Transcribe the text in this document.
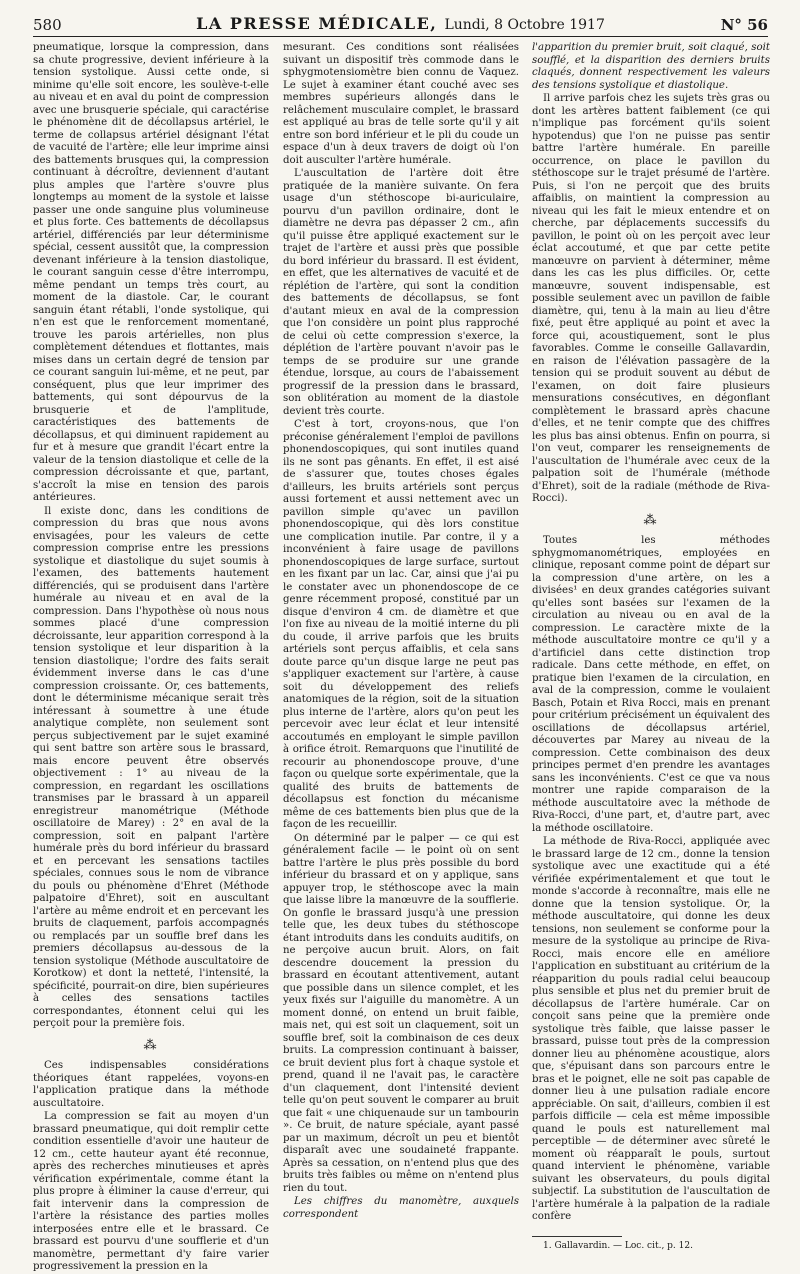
580	LA PRESSE MÉDICALE, Lundi, 8 Octobre 1917	N° 56

pneumatique, lorsque la compression, dans sa chute progressive, devient inférieure à la tension systolique. Aussi cette onde, si minime qu'elle soit encore, les soulève-t-elle au niveau et en aval du point de compression avec une brusquerie spéciale, qui caractérise le phénomène dit de décollapsus artériel, le terme de collapsus artériel désignant l'état de vacuité de l'artère; elle leur imprime ainsi des battements brusques qui, la compression continuant à décroître, deviennent d'autant plus amples que l'artère s'ouvre plus longtemps au moment de la systole et laisse passer une onde sanguine plus volumineuse et plus forte. Ces battements de décollapsus artériel, différenciés par leur déterminisme spécial, cessent aussitôt que, la compression devenant inférieure à la tension diastolique, le courant sanguin cesse d'être interrompu, même pendant un temps très court, au moment de la diastole. Car, le courant sanguin étant rétabli, l'onde systolique, qui n'en est que le renforcement momentané, trouve les parois artérielles, non plus complètement détendues et flottantes, mais mises dans un certain degré de tension par ce courant sanguin lui-même, et ne peut, par conséquent, plus que leur imprimer des battements, qui sont dépourvus de la brusquerie et de l'amplitude, caractéristiques des battements de décollapsus, et qui diminuent rapidement au fur et à mesure que grandit l'écart entre la valeur de la tension diastolique et celle de la compression décroissante et que, partant, s'accroît la mise en tension des parois antérieures.

Il existe donc, dans les conditions de compression du bras que nous avons envisagées, pour les valeurs de cette compression comprise entre les pressions systolique et diastolique du sujet soumis à l'examen, des battements hautement différenciés, qui se produisent dans l'artère humérale au niveau et en aval de la compression. Dans l'hypothèse où nous nous sommes placé d'une compression décroissante, leur apparition correspond à la tension systolique et leur disparition à la tension diastolique; l'ordre des faits serait évidemment inverse dans le cas d'une compression croissante. Or, ces battements, dont le déterminisme mécanique serait très intéressant à soumettre à une étude analytique complète, non seulement sont perçus subjectivement par le sujet examiné qui sent battre son artère sous le brassard, mais encore peuvent être observés objectivement : 1° au niveau de la compression, en regardant les oscillations transmises par le brassard à un appareil enregistreur manométrique (Méthode oscillatoire de Marey) : 2° en aval de la compression, soit en palpant l'artère humérale près du bord inférieur du brassard et en percevant les sensations tactiles spéciales, connues sous le nom de vibrance du pouls ou phénomène d'Ehret (Méthode palpatoire d'Ehret), soit en auscultant l'artère au même endroit et en percevant les bruits de claquement, parfois accompagnés ou remplacés par un souffle bref dans les premiers décollapsus au-dessous de la tension systolique (Méthode auscultatoire de Korotkow) et dont la netteté, l'intensité, la spécificité, pourrait-on dire, bien supérieures à celles des sensations tactiles correspondantes, étonnent celui qui les perçoit pour la première fois.

⁂

Ces indispensables considérations théoriques étant rappelées, voyons-en l'application pratique dans la méthode auscultatoire.

La compression se fait au moyen d'un brassard pneumatique, qui doit remplir cette condition essentielle d'avoir une hauteur de 12 cm., cette hauteur ayant été reconnue, après des recherches minutieuses et après vérification expérimentale, comme étant la plus propre à éliminer la cause d'erreur, qui fait intervenir dans la compression de l'artère la résistance des parties molles interposées entre elle et le brassard. Ce brassard est pourvu d'une soufflerie et d'un manomètre, permettant d'y faire varier progressivement la pression en la

mesurant. Ces conditions sont réalisées suivant un dispositif très commode dans le sphygmotensiomètre bien connu de Vaquez. Le sujet à examiner étant couché avec ses membres supérieurs allongés dans le relâchement musculaire complet, le brassard est appliqué au bras de telle sorte qu'il y ait entre son bord inférieur et le pli du coude un espace d'un à deux travers de doigt où l'on doit ausculter l'artère humérale.

L'auscultation de l'artère doit être pratiquée de la manière suivante. On fera usage d'un stéthoscope bi-auriculaire, pourvu d'un pavillon ordinaire, dont le diamètre ne devra pas dépasser 2 cm., afin qu'il puisse être appliqué exactement sur le trajet de l'artère et aussi près que possible du bord inférieur du brassard. Il est évident, en effet, que les alternatives de vacuité et de réplétion de l'artère, qui sont la condition des battements de décollapsus, se font d'autant mieux en aval de la compression que l'on considère un point plus rapproché de celui où cette compression s'exerce, la déplétion de l'artère pouvant n'avoir pas le temps de se produire sur une grande étendue, lorsque, au cours de l'abaissement progressif de la pression dans le brassard, son oblitération au moment de la diastole devient très courte.

C'est à tort, croyons-nous, que l'on préconise généralement l'emploi de pavillons phonendoscopiques, qui sont inutiles quand ils ne sont pas gênants. En effet, il est aisé de s'assurer que, toutes choses égales d'ailleurs, les bruits artériels sont perçus aussi fortement et aussi nettement avec un pavillon simple qu'avec un pavillon phonendoscopique, qui dès lors constitue une complication inutile. Par contre, il y a inconvénient à faire usage de pavillons phonendoscopiques de large surface, surtout en les fixant par un lac. Car, ainsi que j'ai pu le constater avec un phonendoscope de ce genre récemment proposé, constitué par un disque d'environ 4 cm. de diamètre et que l'on fixe au niveau de la moitié interne du pli du coude, il arrive parfois que les bruits artériels sont perçus affaiblis, et cela sans doute parce qu'un disque large ne peut pas s'appliquer exactement sur l'artère, à cause soit du développement des reliefs anatomiques de la région, soit de la situation plus interne de l'artère, alors qu'on peut les percevoir avec leur éclat et leur intensité accoutumés en employant le simple pavillon à orifice étroit. Remarquons que l'inutilité de recourir au phonendoscope prouve, d'une façon ou quelque sorte expérimentale, que la qualité des bruits de battements de décollapsus est fonction du mécanisme même de ces battements bien plus que de la façon de les recueillir.

On déterminé par le palper — ce qui est généralement facile — le point où on sent battre l'artère le plus près possible du bord inférieur du brassard et on y applique, sans appuyer trop, le stéthoscope avec la main que laisse libre la manœuvre de la soufflerie. On gonfle le brassard jusqu'à une pression telle que, les deux tubes du stéthoscope étant introduits dans les conduits auditifs, on ne perçoive aucun bruit. Alors, on fait descendre doucement la pression du brassard en écoutant attentivement, autant que possible dans un silence complet, et les yeux fixés sur l'aiguille du manomètre. A un moment donné, on entend un bruit faible, mais net, qui est soit un claquement, soit un souffle bref, soit la combinaison de ces deux bruits. La compression continuant à baisser, ce bruit devient plus fort à chaque systole et prend, quand il ne l'avait pas, le caractère d'un claquement, dont l'intensité devient telle qu'on peut souvent le comparer au bruit que fait « une chiquenaude sur un tambourin ». Ce bruit, de nature spéciale, ayant passé par un maximum, décroît un peu et bientôt disparaît avec une soudaineté frappante. Après sa cessation, on n'entend plus que des bruits très faibles ou même on n'entend plus rien du tout.

Les chiffres du manomètre, auxquels correspondent

l'apparition du premier bruit, soit claqué, soit soufflé, et la disparition des derniers bruits claqués, donnent respectivement les valeurs des tensions systolique et diastolique.

Il arrive parfois chez les sujets très gras ou dont les artères battent faiblement (ce qui n'implique pas forcément qu'ils soient hypotendus) que l'on ne puisse pas sentir battre l'artère humérale. En pareille occurrence, on place le pavillon du stéthoscope sur le trajet présumé de l'artère. Puis, si l'on ne perçoit que des bruits affaiblis, on maintient la compression au niveau qui les fait le mieux entendre et on cherche, par déplacements successifs du pavillon, le point où on les perçoit avec leur éclat accoutumé, et que par cette petite manœuvre on parvient à déterminer, même dans les cas les plus difficiles. Or, cette manœuvre, souvent indispensable, est possible seulement avec un pavillon de faible diamètre, qui, tenu à la main au lieu d'être fixé, peut être appliqué au point et avec la force qui, acoustiquement, sont le plus favorables. Comme le conseille Gallavardin, en raison de l'élévation passagère de la tension qui se produit souvent au début de l'examen, on doit faire plusieurs mensurations consécutives, en dégonflant complètement le brassard après chacune d'elles, et ne tenir compte que des chiffres les plus bas ainsi obtenus. Enfin on pourra, si l'on veut, comparer les renseignements de l'auscultation de l'humérale avec ceux de la palpation soit de l'humérale (méthode d'Ehret), soit de la radiale (méthode de Riva-Rocci).

⁂

Toutes les méthodes sphygmomanométriques, employées en clinique, reposant comme point de départ sur la compression d'une artère, on les a divisées¹ en deux grandes catégories suivant qu'elles sont basées sur l'examen de la circulation au niveau ou en aval de la compression. Le caractère mixte de la méthode auscultatoire montre ce qu'il y a d'artificiel dans cette distinction trop radicale. Dans cette méthode, en effet, on pratique bien l'examen de la circulation, en aval de la compression, comme le voulaient Basch, Potain et Riva Rocci, mais en prenant pour critérium précisément un équivalent des oscillations de décollapsus artériel, découvertes par Marey au niveau de la compression. Cette combinaison des deux principes permet d'en prendre les avantages sans les inconvénients. C'est ce que va nous montrer une rapide comparaison de la méthode auscultatoire avec la méthode de Riva-Rocci, d'une part, et, d'autre part, avec la méthode oscillatoire.

La méthode de Riva-Rocci, appliquée avec le brassard large de 12 cm., donne la tension systolique avec une exactitude qui a été vérifiée expérimentalement et que tout le monde s'accorde à reconnaître, mais elle ne donne que la tension systolique. Or, la méthode auscultatoire, qui donne les deux tensions, non seulement se conforme pour la mesure de la systolique au principe de Riva-Rocci, mais encore elle en améliore l'application en substituant au critérium de la réapparition du pouls radial celui beaucoup plus sensible et plus net du premier bruit de décollapsus de l'artère humérale. Car on conçoit sans peine que la première onde systolique très faible, que laisse passer le brassard, puisse tout près de la compression donner lieu au phénomène acoustique, alors que, s'épuisant dans son parcours entre le bras et le poignet, elle ne soit pas capable de donner lieu à une pulsation radiale encore appréciable. On sait, d'ailleurs, combien il est parfois difficile — cela est même impossible quand le pouls est naturellement mal perceptible — de déterminer avec sûreté le moment où réapparaît le pouls, surtout quand intervient le phénomène, variable suivant les observateurs, du pouls digital subjectif. La substitution de l'auscultation de l'artère humérale à la palpation de la radiale confère

1. Gallavardin. — Loc. cit., p. 12.
